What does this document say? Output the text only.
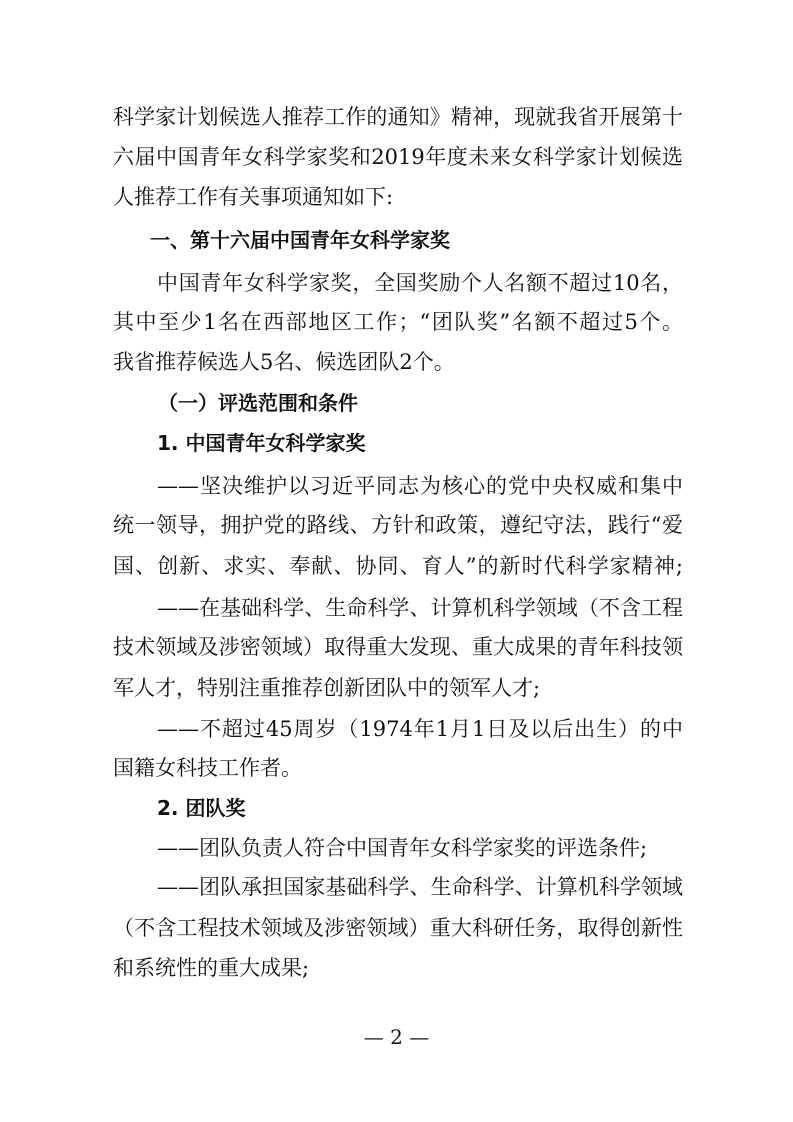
科学家计划候选人推荐工作的通知》精神，现就我省开展第十
六届中国青年女科学家奖和2019年度未来女科学家计划候选
人推荐工作有关事项通知如下:
一、第十六届中国青年女科学家奖
中国青年女科学家奖，全国奖励个人名额不超过10名，
其中至少1名在西部地区工作；“团队奖”名额不超过5个。
我省推荐候选人5名、候选团队2个。
（一）评选范围和条件
1. 中国青年女科学家奖
——坚决维护以习近平同志为核心的党中央权威和集中
统一领导，拥护党的路线、方针和政策，遵纪守法，践行“爱
国、创新、求实、奉献、协同、育人”的新时代科学家精神;
——在基础科学、生命科学、计算机科学领域（不含工程
技术领域及涉密领域）取得重大发现、重大成果的青年科技领
军人才，特别注重推荐创新团队中的领军人才;
——不超过45周岁（1974年1月1日及以后出生）的中
国籍女科技工作者。
2. 团队奖
——团队负责人符合中国青年女科学家奖的评选条件;
——团队承担国家基础科学、生命科学、计算机科学领域
（不含工程技术领域及涉密领域）重大科研任务，取得创新性
和系统性的重大成果;
— 2 —
